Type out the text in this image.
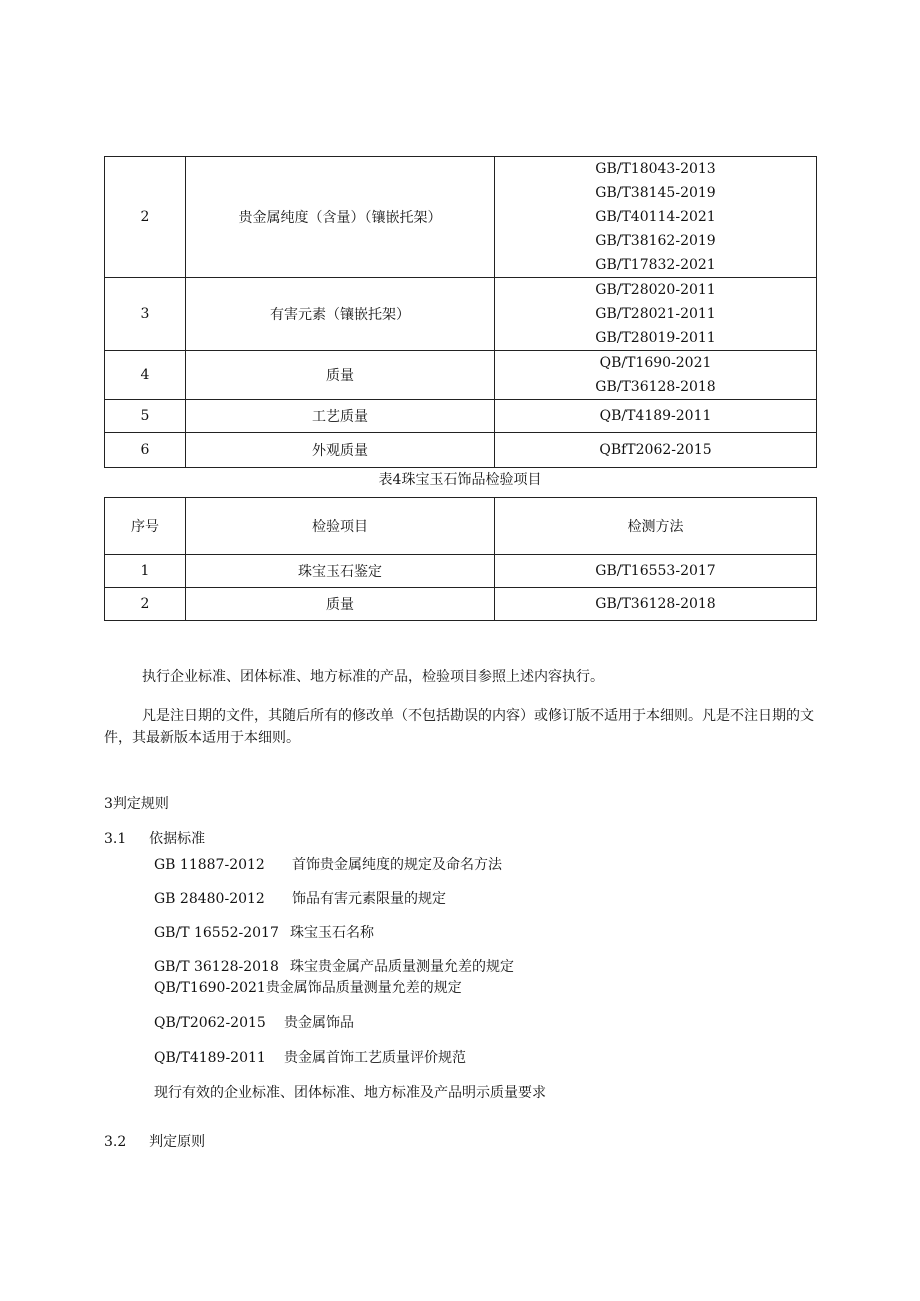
2	贵金属纯度（含量）（镶嵌托架）	GB/T18043-2013
GB/T38145-2019
GB/T40114-2021
GB/T38162-2019
GB/T17832-2021

3	有害元素（镶嵌托架）	GB/T28020-2011
GB/T28021-2011
GB/T28019-2011

4	质量	QB/T1690-2021
GB/T36128-2018

5	工艺质量	QB/T4189-2011

6	外观质量	QBfT2062-2015
表4珠宝玉石饰品检验项目
序号	检验项目	检测方法
1	珠宝玉石鉴定	GB/T16553-2017
2	质量	GB/T36128-2018
执行企业标准、团体标准、地方标准的产品，检验项目参照上述内容执行。
凡是注日期的文件，其随后所有的修改单（不包括勘误的内容）或修订版不适用于本细则。凡是不注日期的文件，其最新版本适用于本细则。
3判定规则
3.1 依据标准
GB 11887-2012 首饰贵金属纯度的规定及命名方法
GB 28480-2012 饰品有害元素限量的规定
GB/T 16552-2017 珠宝玉石名称
GB/T 36128-2018 珠宝贵金属产品质量测量允差的规定
QB/T1690-2021贵金属饰品质量测量允差的规定
QB/T2062-2015 贵金属饰品
QB/T4189-2011 贵金属首饰工艺质量评价规范
现行有效的企业标准、团体标准、地方标准及产品明示质量要求
3.2 判定原则
